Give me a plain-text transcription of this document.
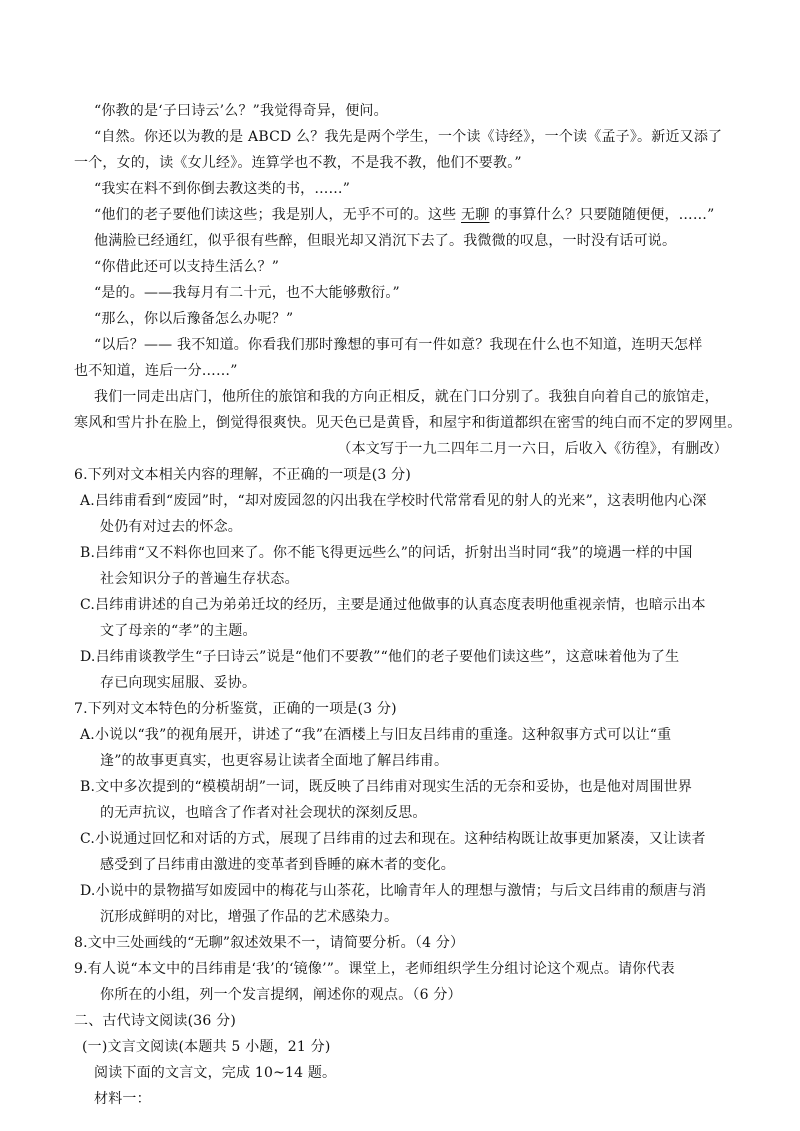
“你教的是‘子曰诗云’么？”我觉得奇异，便问。
“自然。你还以为教的是 ABCD 么？我先是两个学生，一个读《诗经》，一个读《孟子》。新近又添了
一个，女的，读《女儿经》。连算学也不教，不是我不教，他们不要教。”
“我实在料不到你倒去教这类的书，……”
“他们的老子要他们读这些；我是别人，无乎不可的。这些 无聊 的事算什么？只要随随便便，……”
他满脸已经通红，似乎很有些醉，但眼光却又消沉下去了。我微微的叹息，一时没有话可说。
“你借此还可以支持生活么？”
“是的。——我每月有二十元，也不大能够敷衍。”
“那么，你以后豫备怎么办呢？”
“以后？—— 我不知道。你看我们那时豫想的事可有一件如意？我现在什么也不知道，连明天怎样
也不知道，连后一分……”
我们一同走出店门，他所住的旅馆和我的方向正相反，就在门口分别了。我独自向着自己的旅馆走，
寒风和雪片扑在脸上，倒觉得很爽快。见天色已是黄昏，和屋宇和街道都织在密雪的纯白而不定的罗网里。
（本文写于一九二四年二月一六日，后收入《彷徨》，有删改）
6.下列对文本相关内容的理解，不正确的一项是(3 分)
A.吕纬甫看到“废园”时，“却对废园忽的闪出我在学校时代常常看见的射人的光来”，这表明他内心深
处仍有对过去的怀念。
B.吕纬甫“又不料你也回来了。你不能飞得更远些么”的问话，折射出当时同“我”的境遇一样的中国
社会知识分子的普遍生存状态。
C.吕纬甫讲述的自己为弟弟迁坟的经历，主要是通过他做事的认真态度表明他重视亲情，也暗示出本
文了母亲的“孝”的主题。
D.吕纬甫谈教学生“子曰诗云”说是“他们不要教”“他们的老子要他们读这些”，这意味着他为了生
存已向现实屈服、妥协。
7.下列对文本特色的分析鉴赏，正确的一项是(3 分)
A.小说以“我”的视角展开，讲述了“我”在酒楼上与旧友吕纬甫的重逢。这种叙事方式可以让“重
逢”的故事更真实，也更容易让读者全面地了解吕纬甫。
B.文中多次提到的“模模胡胡”一词，既反映了吕纬甫对现实生活的无奈和妥协，也是他对周围世界
的无声抗议，也暗含了作者对社会现状的深刻反思。
C.小说通过回忆和对话的方式，展现了吕纬甫的过去和现在。这种结构既让故事更加紧凑，又让读者
感受到了吕纬甫由激进的变革者到昏睡的麻木者的变化。
D.小说中的景物描写如废园中的梅花与山茶花，比喻青年人的理想与激情；与后文吕纬甫的颓唐与消
沉形成鲜明的对比，增强了作品的艺术感染力。
8.文中三处画线的“无聊”叙述效果不一，请简要分析。（4 分）
9.有人说“本文中的吕纬甫是‘我’的‘镜像’”。课堂上，老师组织学生分组讨论这个观点。请你代表
你所在的小组，列一个发言提纲，阐述你的观点。（6 分）
二、古代诗文阅读(36 分)
(一)文言文阅读(本题共 5 小题，21 分)
阅读下面的文言文，完成 10~14 题。
材料一：
